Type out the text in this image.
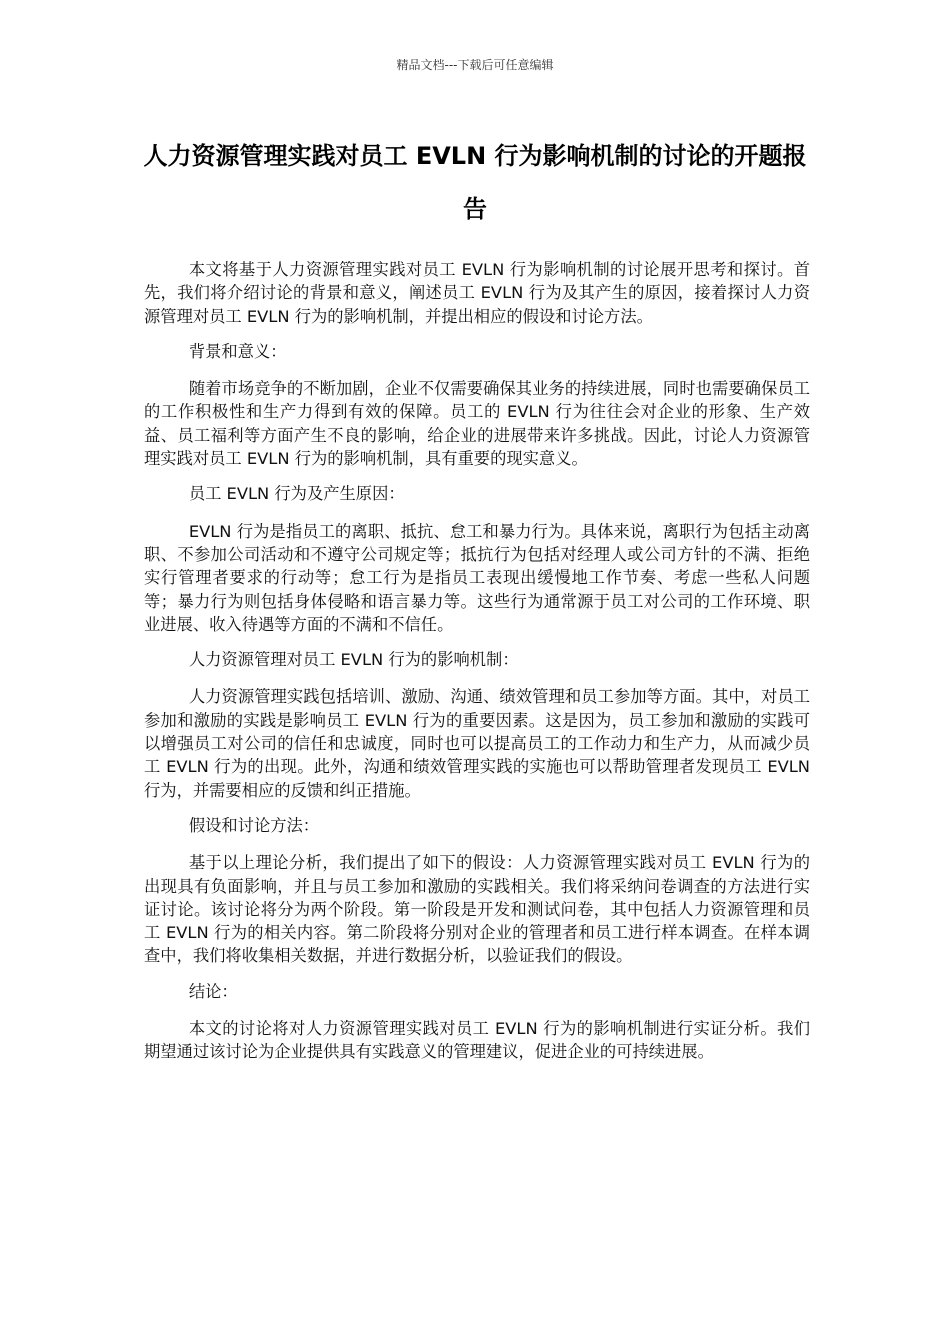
精品文档---下载后可任意编辑
人力资源管理实践对员工 EVLN 行为影响机制的讨论的开题报告

本文将基于人力资源管理实践对员工 EVLN 行为影响机制的讨论展开思考和探讨。首先，我们将介绍讨论的背景和意义，阐述员工 EVLN 行为及其产生的原因，接着探讨人力资源管理对员工 EVLN 行为的影响机制，并提出相应的假设和讨论方法。

背景和意义：

随着市场竞争的不断加剧，企业不仅需要确保其业务的持续进展，同时也需要确保员工的工作积极性和生产力得到有效的保障。员工的 EVLN 行为往往会对企业的形象、生产效益、员工福利等方面产生不良的影响，给企业的进展带来许多挑战。因此，讨论人力资源管理实践对员工 EVLN 行为的影响机制，具有重要的现实意义。

员工 EVLN 行为及产生原因：

EVLN 行为是指员工的离职、抵抗、怠工和暴力行为。具体来说，离职行为包括主动离职、不参加公司活动和不遵守公司规定等；抵抗行为包括对经理人或公司方针的不满、拒绝实行管理者要求的行动等；怠工行为是指员工表现出缓慢地工作节奏、考虑一些私人问题等；暴力行为则包括身体侵略和语言暴力等。这些行为通常源于员工对公司的工作环境、职业进展、收入待遇等方面的不满和不信任。

人力资源管理对员工 EVLN 行为的影响机制：

人力资源管理实践包括培训、激励、沟通、绩效管理和员工参加等方面。其中，对员工参加和激励的实践是影响员工 EVLN 行为的重要因素。这是因为，员工参加和激励的实践可以增强员工对公司的信任和忠诚度，同时也可以提高员工的工作动力和生产力，从而减少员工 EVLN 行为的出现。此外，沟通和绩效管理实践的实施也可以帮助管理者发现员工 EVLN 行为，并需要相应的反馈和纠正措施。

假设和讨论方法：

基于以上理论分析，我们提出了如下的假设：人力资源管理实践对员工 EVLN 行为的出现具有负面影响，并且与员工参加和激励的实践相关。我们将采纳问卷调查的方法进行实证讨论。该讨论将分为两个阶段。第一阶段是开发和测试问卷，其中包括人力资源管理和员工 EVLN 行为的相关内容。第二阶段将分别对企业的管理者和员工进行样本调查。在样本调查中，我们将收集相关数据，并进行数据分析，以验证我们的假设。

结论：

本文的讨论将对人力资源管理实践对员工 EVLN 行为的影响机制进行实证分析。我们期望通过该讨论为企业提供具有实践意义的管理建议，促进企业的可持续进展。
